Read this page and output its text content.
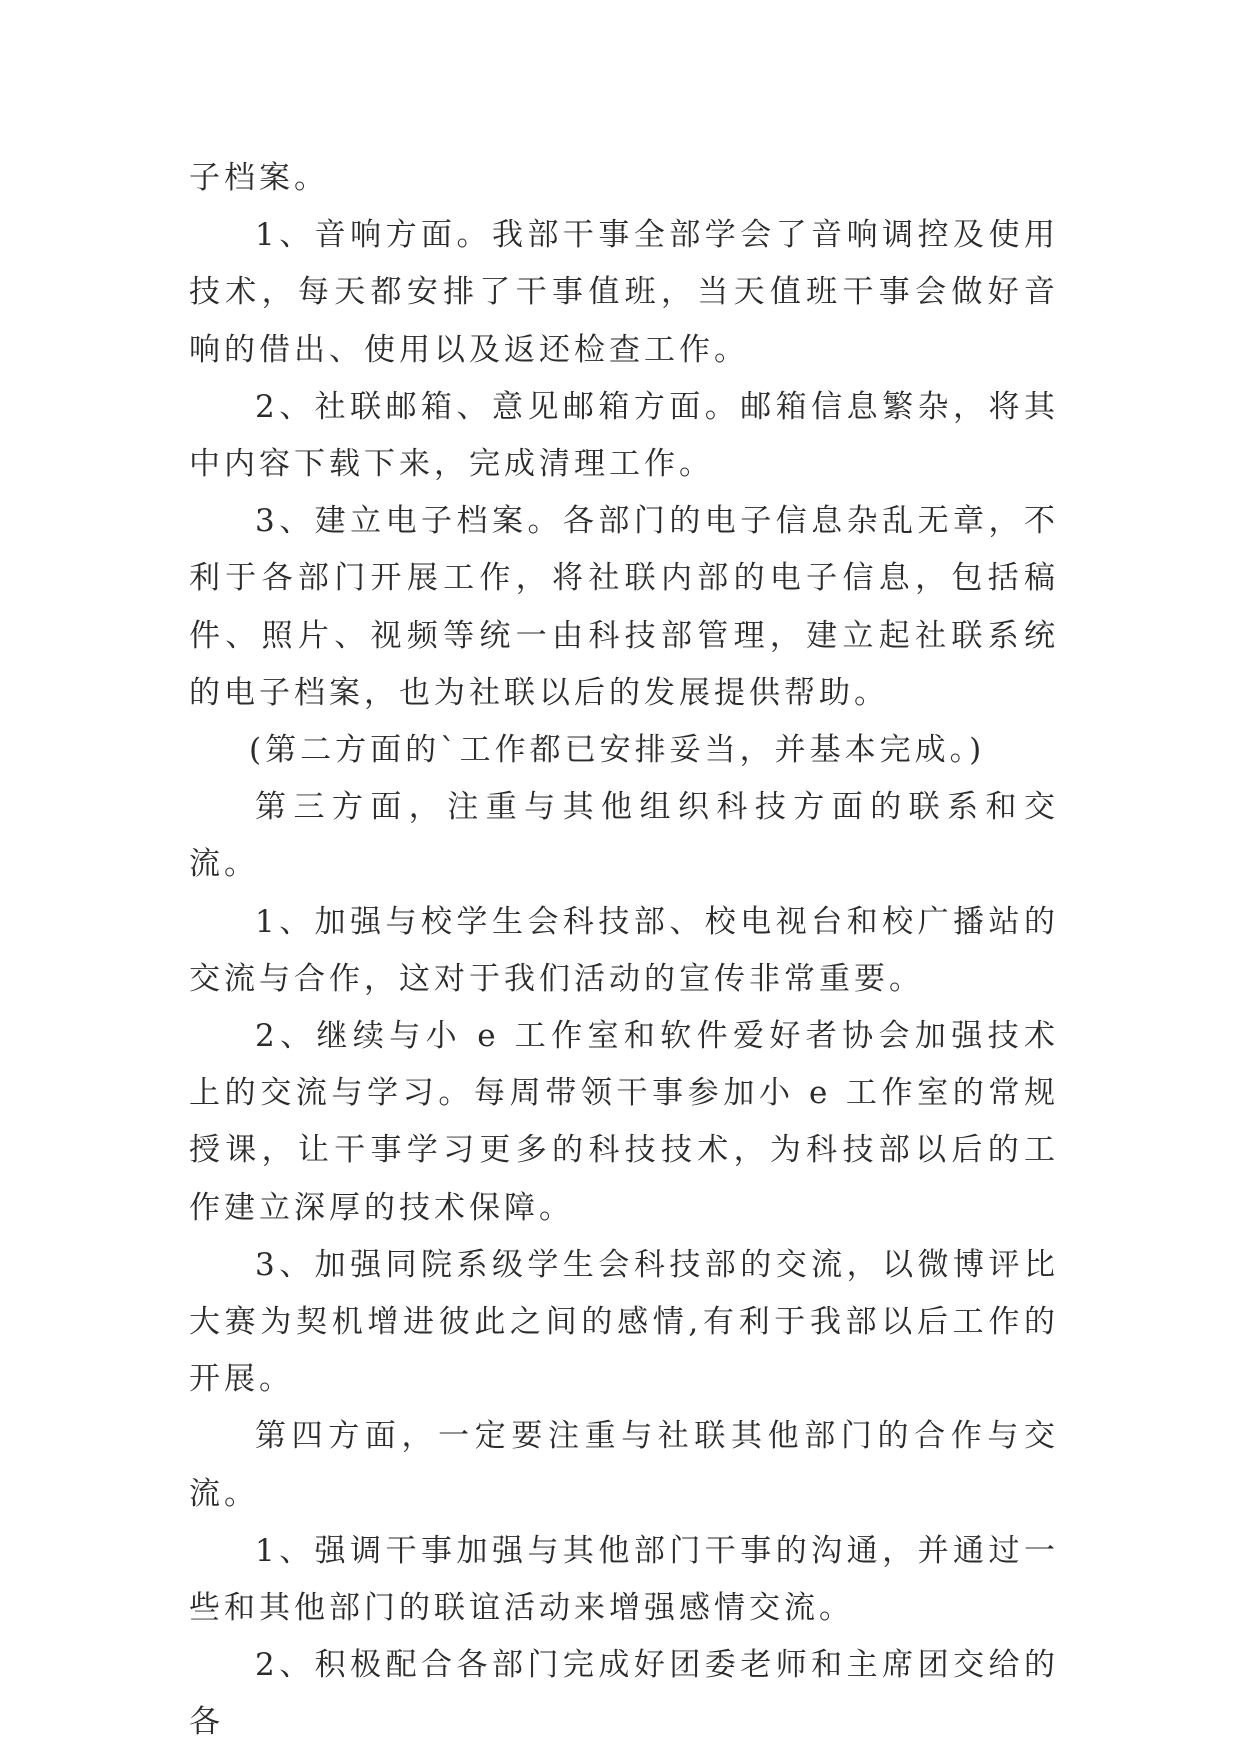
子档案。

1、音响方面。我部干事全部学会了音响调控及使用技术，每天都安排了干事值班，当天值班干事会做好音响的借出、使用以及返还检查工作。

2、社联邮箱、意见邮箱方面。邮箱信息繁杂，将其中内容下载下来，完成清理工作。

3、建立电子档案。各部门的电子信息杂乱无章，不利于各部门开展工作，将社联内部的电子信息，包括稿件、照片、视频等统一由科技部管理，建立起社联系统的电子档案，也为社联以后的发展提供帮助。

(第二方面的`工作都已安排妥当，并基本完成。)

第三方面，注重与其他组织科技方面的联系和交流。

1、加强与校学生会科技部、校电视台和校广播站的交流与合作，这对于我们活动的宣传非常重要。

2、继续与小 e 工作室和软件爱好者协会加强技术上的交流与学习。每周带领干事参加小 e 工作室的常规授课，让干事学习更多的科技技术，为科技部以后的工作建立深厚的技术保障。

3、加强同院系级学生会科技部的交流，以微博评比大赛为契机增进彼此之间的感情,有利于我部以后工作的开展。

第四方面，一定要注重与社联其他部门的合作与交流。

1、强调干事加强与其他部门干事的沟通，并通过一些和其他部门的联谊活动来增强感情交流。

2、积极配合各部门完成好团委老师和主席团交给的各
